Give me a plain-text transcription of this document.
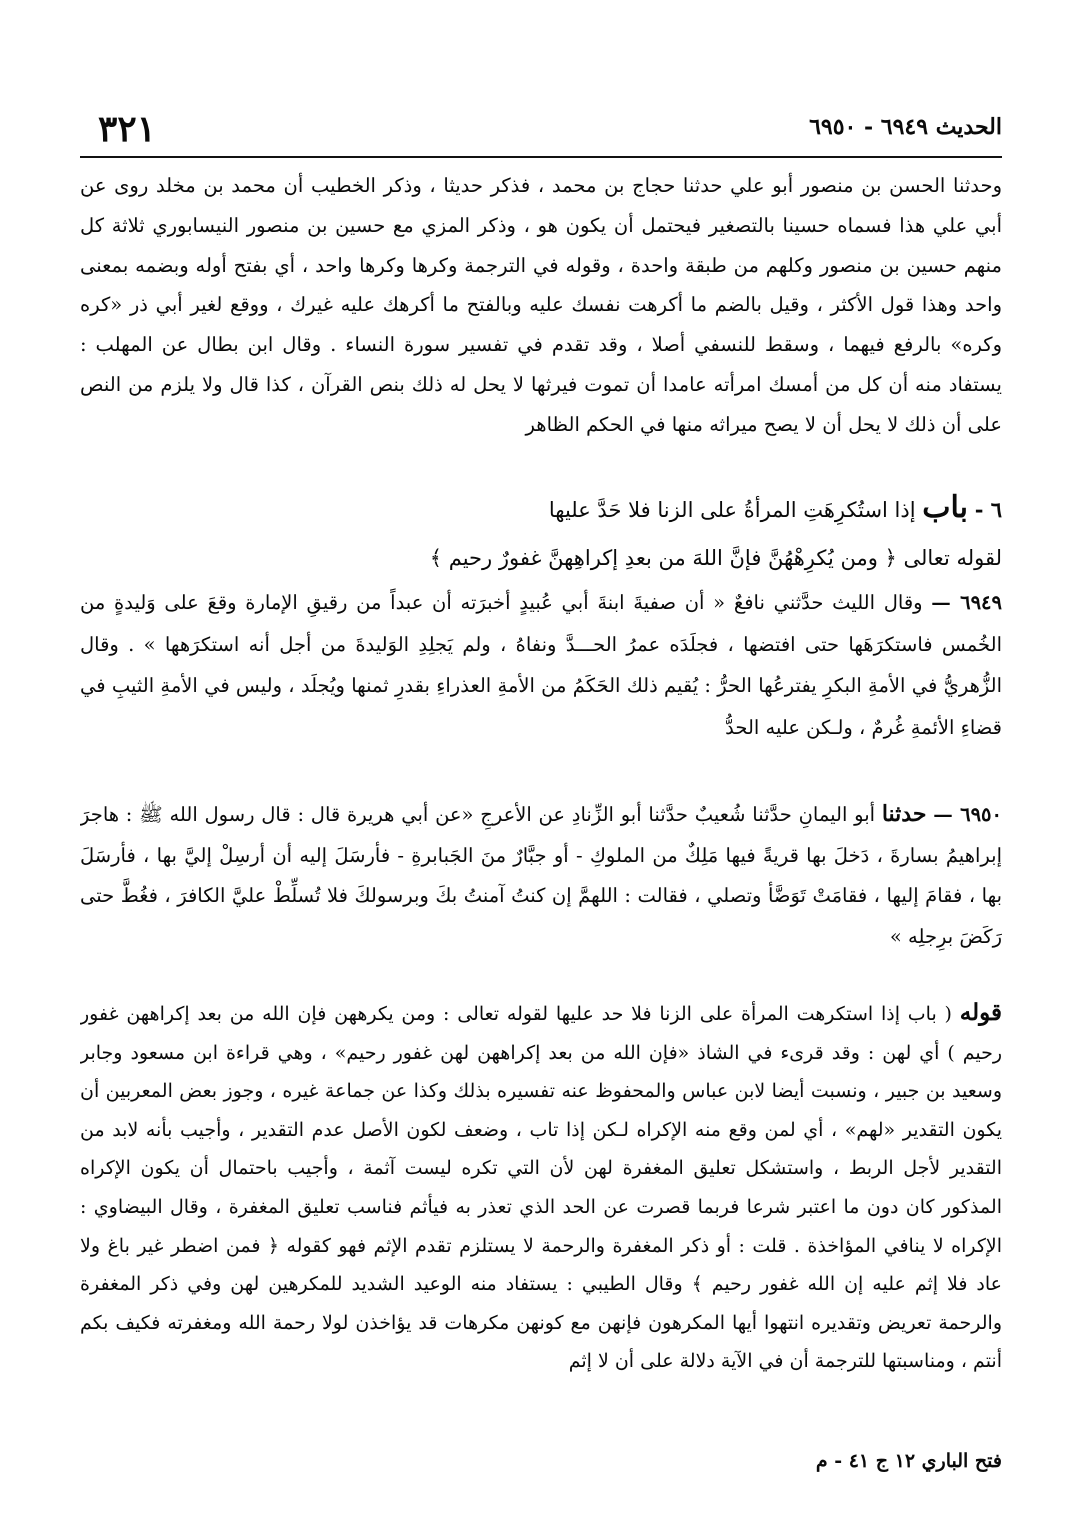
الحديث ٦٩٤٩ - ٦٩٥٠
٣٢١

وحدثنا الحسن بن منصور أبو علي حدثنا حجاج بن محمد ، فذكر حديثا ، وذكر الخطيب أن محمد بن مخلد روى عن أبي علي هذا فسماه حسينا بالتصغير فيحتمل أن يكون هو ، وذكر المزي مع حسين بن منصور النيسابوري ثلاثة كل منهم حسين بن منصور وكلهم من طبقة واحدة ، وقوله في الترجمة وكرها وكرها واحد ، أي بفتح أوله وبضمه بمعنى واحد وهذا قول الأكثر ، وقيل بالضم ما أكرهت نفسك عليه وبالفتح ما أكرهك عليه غيرك ، ووقع لغير أبي ذر «كره وكره» بالرفع فيهما ، وسقط للنسفي أصلا ، وقد تقدم في تفسير سورة النساء . وقال ابن بطال عن المهلب : يستفاد منه أن كل من أمسك امرأته عامدا أن تموت فيرثها لا يحل له ذلك بنص القرآن ، كذا قال ولا يلزم من النص على أن ذلك لا يحل أن لا يصح ميراثه منها في الحكم الظاهر

٦ - باب إذا استُكرِهَتِ المرأةُ على الزنا فلا حَدَّ عليها
لقوله تعالى ﴿ ومن يُكرِهْهُنَّ فإنَّ اللهَ من بعدِ إكراهِهنَّ غفورٌ رحيم ﴾

٦٩٤٩ — وقال الليث حدَّثني نافعٌ « أن صفيةَ ابنةَ أبي عُبيدٍ أخبرَته أن عبداً من رقيقِ الإمارة وقعَ على وَليدةٍ من الخُمس فاستكرَهَها حتى افتضها ، فجلَدَه عمرُ الحـــدَّ ونفاهُ ، ولم يَجلِدِ الوَليدةَ من أجل أنه استكرَهها » . وقال الزُّهريُّ في الأمةِ البكرِ يفترعُها الحرُّ : يُقيم ذلك الحَكَمُ من الأمةِ العذراءِ بقدرِ ثمنها ويُجلَد ، وليس في الأمةِ الثيبِ في قضاءِ الأئمةِ غُرمٌ ، ولـكن عليه الحدُّ

٦٩٥٠ — حدثنا أبو اليمانِ حدَّثنا شُعيبٌ حدَّثنا أبو الزِّنادِ عن الأعرجِ «عن أبي هريرة قال : قال رسول الله ﷺ : هاجرَ إبراهيمُ بسارةَ ، دَخلَ بها قريةً فيها مَلِكٌ من الملوكِ - أو جبَّارٌ منَ الجَبابرةِ - فأرسَلَ إليه أن أرسِلْ إليَّ بها ، فأرسَلَ بها ، فقامَ إليها ، فقامَتْ تَوَضَّأ وتصلي ، فقالت : اللهمَّ إن كنتُ آمنتُ بكَ وبرسولكَ فلا تُسلِّطْ عليَّ الكافرَ ، فغُطَّ حتى رَكَضَ برِجلِه »

قوله ( باب إذا استكرهت المرأة على الزنا فلا حد عليها لقوله تعالى : ومن يكرههن فإن الله من بعد إكراههن غفور رحيم ) أي لهن : وقد قرىء في الشاذ «فإن الله من بعد إكراههن لهن غفور رحيم» ، وهي قراءة ابن مسعود وجابر وسعيد بن جبير ، ونسبت أيضا لابن عباس والمحفوظ عنه تفسيره بذلك وكذا عن جماعة غيره ، وجوز بعض المعربين أن يكون التقدير «لهم» ، أي لمن وقع منه الإكراه لـكن إذا تاب ، وضعف لكون الأصل عدم التقدير ، وأجيب بأنه لابد من التقدير لأجل الربط ، واستشكل تعليق المغفرة لهن لأن التي تكره ليست آثمة ، وأجيب باحتمال أن يكون الإكراه المذكور كان دون ما اعتبر شرعا فربما قصرت عن الحد الذي تعذر به فيأثم فناسب تعليق المغفرة ، وقال البيضاوي : الإكراه لا ينافي المؤاخذة . قلت : أو ذكر المغفرة والرحمة لا يستلزم تقدم الإثم فهو كقوله ﴿ فمن اضطر غير باغ ولا عاد فلا إثم عليه إن الله غفور رحيم ﴾ وقال الطيبي : يستفاد منه الوعيد الشديد للمكرهين لهن وفي ذكر المغفرة والرحمة تعريض وتقديره انتهوا أيها المكرهون فإنهن مع كونهن مكرهات قد يؤاخذن لولا رحمة الله ومغفرته فكيف بكم أنتم ، ومناسبتها للترجمة أن في الآية دلالة على أن لا إثم

فتح الباري ١٢ ج ٤١ - م
